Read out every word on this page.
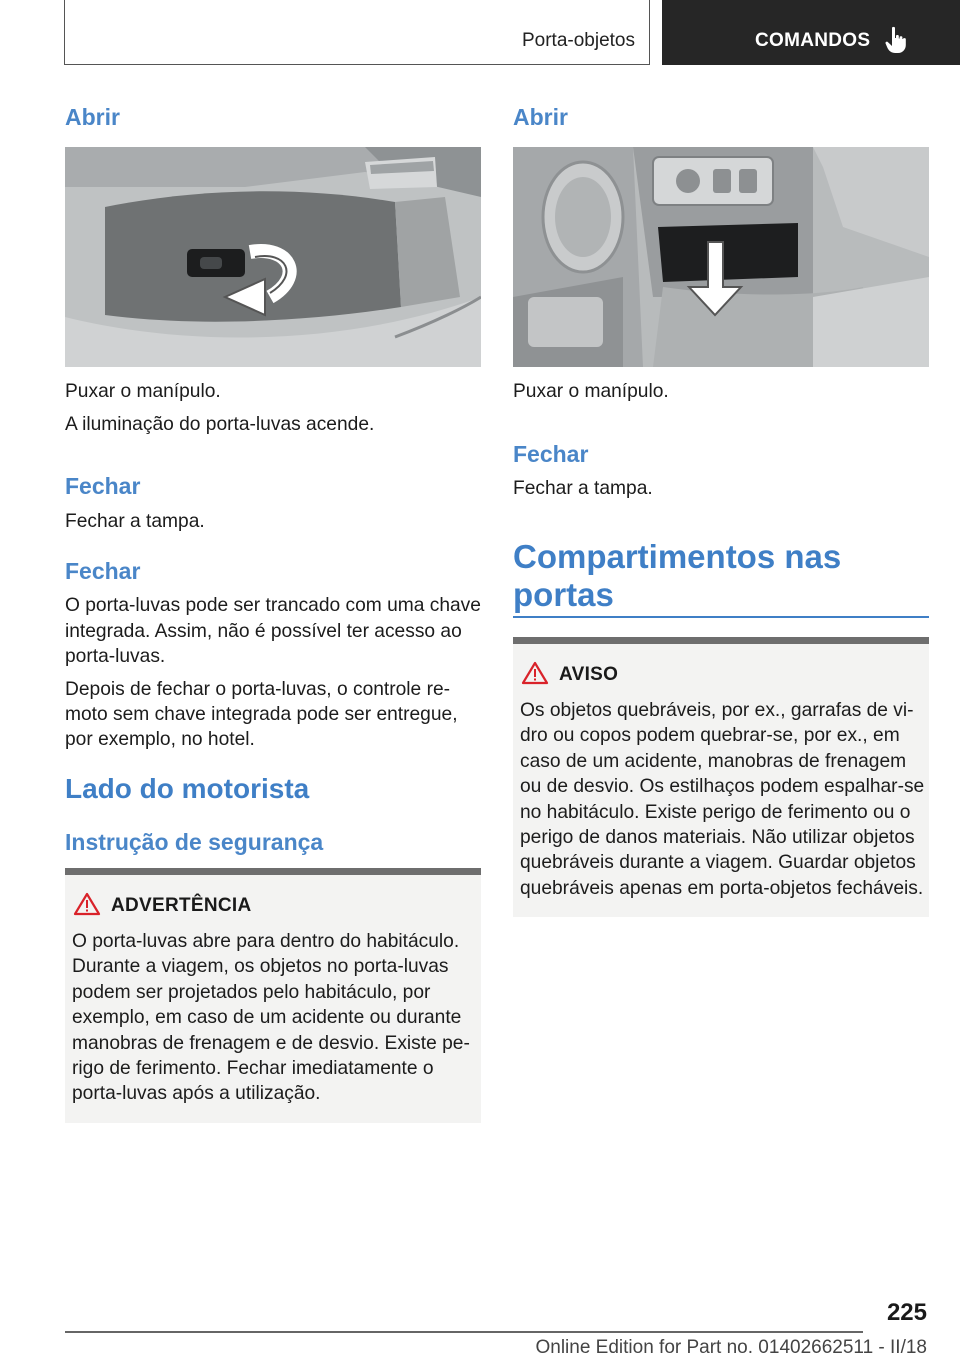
Porta-objetos	COMANDOS
Abrir

Puxar o manípulo.

A iluminação do porta-luvas acende.

Fechar

Fechar a tampa.

Fechar

O porta-luvas pode ser trancado com uma chave

integrada. Assim, não é possível ter acesso ao

porta-luvas.

Depois de fechar o porta-luvas, o controle re-

moto sem chave integrada pode ser entregue,

por exemplo, no hotel.

Lado do motorista
Instrução de segurança
ADVERTÊNCIA
O porta-luvas abre para dentro do habitáculo.
Durante a viagem, os objetos no porta-luvas
podem ser projetados pelo habitáculo, por
exemplo, em caso de um acidente ou durante
manobras de frenagem e de desvio. Existe pe-
rigo de ferimento. Fechar imediatamente o
porta-luvas após a utilização.
Abrir

Puxar o manípulo.

Fechar

Fechar a tampa.

Compartimentos nas
portas
AVISO
Os objetos quebráveis, por ex., garrafas de vi-
dro ou copos podem quebrar-se, por ex., em
caso de um acidente, manobras de frenagem
ou de desvio. Os estilhaços podem espalhar-se
no habitáculo. Existe perigo de ferimento ou o
perigo de danos materiais. Não utilizar objetos
quebráveis durante a viagem. Guardar objetos
quebráveis apenas em porta-objetos fecháveis.
225
Online Edition for Part no. 01402662511 - II/18
